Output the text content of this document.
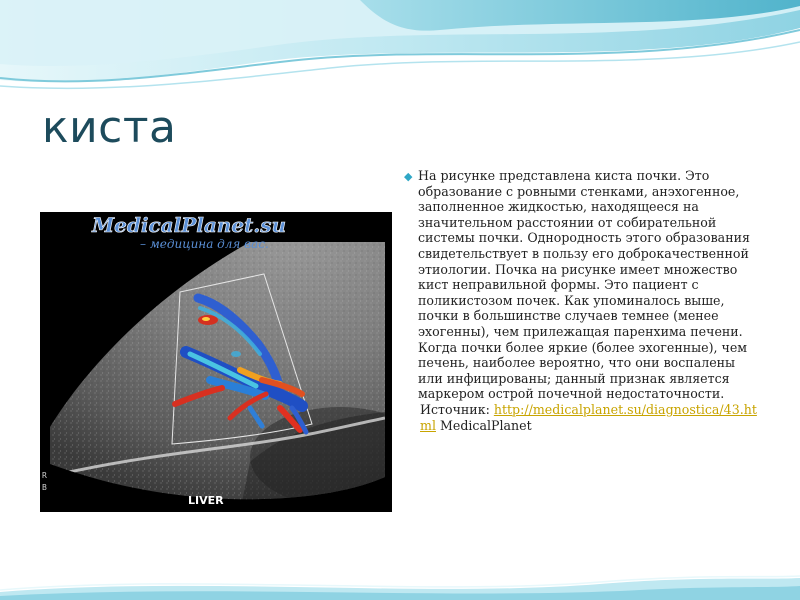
киста
MedicalPlanet.su
– медицина для вас.
R
B
LIVER
◆ На рисунке представлена киста почки. Это образование с ровными стенками, анэхогенное, заполненное жидкостью, находящееся на значительном расстоянии от собирательной системы почки. Однородность этого образования свидетельствует в пользу его доброкачественной этиологии. Почка на рисунке имеет множество кист неправильной формы. Это пациент с поликистозом почек. Как упоминалось выше, почки в большинстве случаев темнее (менее эхогенны), чем прилежащая паренхима печени. Когда почки более яркие (более эхогенные), чем печень, наиболее вероятно, что они воспалены или инфицированы; данный признак является маркером острой почечной недостаточности.
Источник: http://medicalplanet.su/diagnostica/43.html MedicalPlanet
